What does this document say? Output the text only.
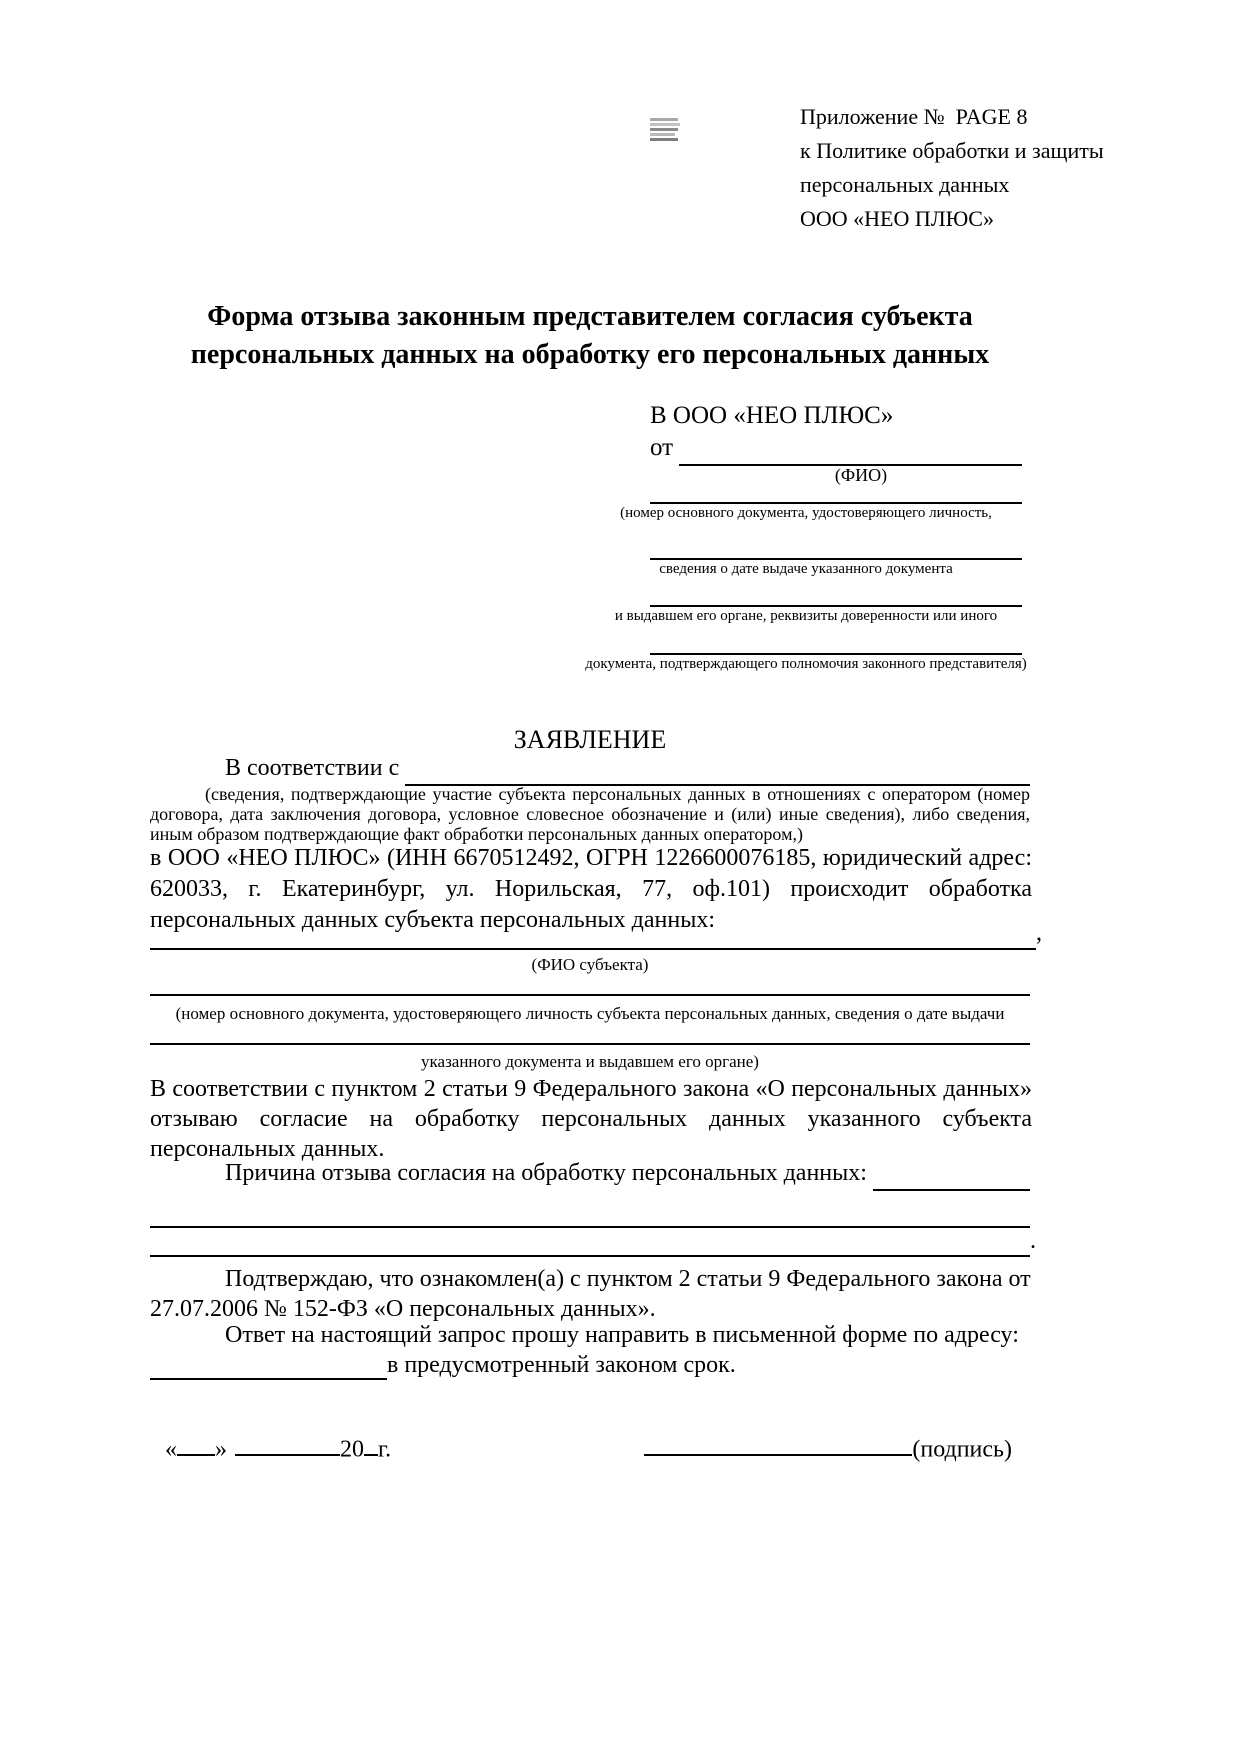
Приложение №  PAGE 8
к Политике обработки и защиты
персональных данных
ООО «НЕО ПЛЮС»
Форма отзыва законным представителем согласия субъекта
персональных данных на обработку его персональных данных
В ООО «НЕО ПЛЮС»
от
(ФИО)
(номер основного документа, удостоверяющего личность,
сведения о дате выдаче указанного документа
и выдавшем его органе, реквизиты доверенности или иного
документа, подтверждающего полномочия законного представителя)
ЗАЯВЛЕНИЕ
В соответствии с
(сведения, подтверждающие участие субъекта персональных данных в отношениях с оператором (номер договора, дата заключения договора, условное словесное обозначение и (или) иные сведения), либо сведения, иным образом подтверждающие факт обработки персональных данных оператором,)
в ООО «НЕО ПЛЮС» (ИНН 6670512492, ОГРН 1226600076185, юридический адрес: 620033, г. Екатеринбург, ул. Норильская, 77, оф.101) происходит обработка персональных данных субъекта персональных данных:	,
(ФИО субъекта)
(номер основного документа, удостоверяющего личность субъекта персональных данных, сведения о дате выдачи
указанного документа и выдавшем его органе)
В соответствии с пунктом 2 статьи 9 Федерального закона «О персональных данных» отзываю согласие на обработку персональных данных указанного субъекта персональных данных.
Причина отзыва согласия на обработку персональных данных:
.
Подтверждаю, что ознакомлен(а) с пунктом 2 статьи 9 Федерального закона от
27.07.2006 № 152-ФЗ «О персональных данных».
Ответ на настоящий запрос прошу направить в письменной форме по адресу:
в предусмотренный законом срок.
« »	20 г.	(подпись)
